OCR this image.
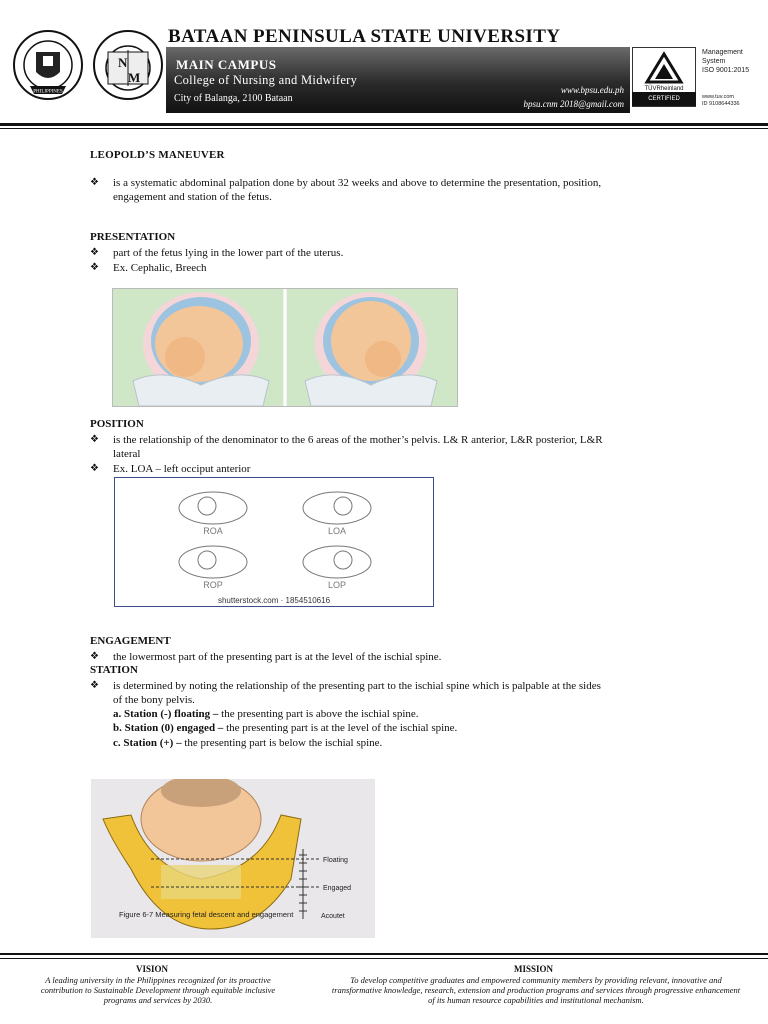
PHILIPPINES
N
M
BATAAN PENINSULA STATE UNIVERSITY
MAIN CAMPUS
College of Nursing and Midwifery
City of Balanga, 2100 Bataan
www.bpsu.edu.ph
bpsu.cnm 2018@gmail.com
TÜVRheinland
CERTIFIED
Management
System
ISO 9001:2015
www.tuv.com
ID 9108644336
LEOPOLD’S MANEUVER
❖	is a systematic abdominal palpation done by about 32 weeks and above to determine the presentation, position,
engagement and station of the fetus.
PRESENTATION
❖	part of the fetus lying in the lower part of the uterus.
❖	Ex. Cephalic, Breech
POSITION
❖	is the relationship of the denominator to the 6 areas of the mother’s pelvis. L& R anterior, L&R posterior, L&R
lateral
❖	Ex. LOA – left occiput anterior
ROA	LOA
ROP	LOP
shutterstock.com · 1854510616
ENGAGEMENT
❖	the lowermost part of the presenting part is at the level of the ischial spine.
STATION
❖	is determined by noting the relationship of the presenting part to the ischial spine which is palpable at the sides
of the bony pelvis.
a. Station (-) floating – the presenting part is above the ischial spine.
b. Station (0) engaged – the presenting part is at the level of the ischial spine.
c. Station (+) – the presenting part is below the ischial spine.
Floating
Engaged
Acoutet
Figure 6-7 Measuring fetal descent and engagement
VISION
A leading university in the Philippines recognized for its proactive contribution to Sustainable Development through equitable inclusive programs and services by 2030.
MISSION
To develop competitive graduates and empowered community members by providing relevant, innovative and transformative knowledge, research, extension and production programs and services through progressive enhancement of its human resource capabilities and institutional mechanism.
